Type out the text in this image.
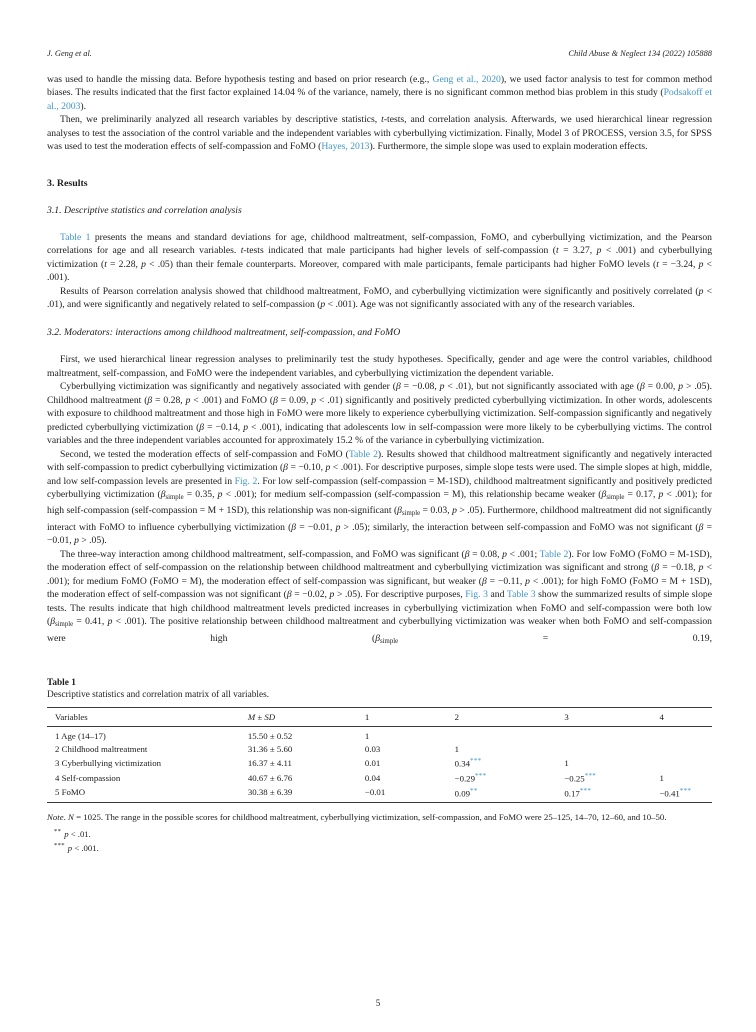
J. Geng et al.	Child Abuse & Neglect 134 (2022) 105888

was used to handle the missing data. Before hypothesis testing and based on prior research (e.g., Geng et al., 2020), we used factor analysis to test for common method biases. The results indicated that the first factor explained 14.04 % of the variance, namely, there is no significant common method bias problem in this study (Podsakoff et al., 2003).

Then, we preliminarily analyzed all research variables by descriptive statistics, t-tests, and correlation analysis. Afterwards, we used hierarchical linear regression analyses to test the association of the control variable and the independent variables with cyberbullying victimization. Finally, Model 3 of PROCESS, version 3.5, for SPSS was used to test the moderation effects of self-compassion and FoMO (Hayes, 2013). Furthermore, the simple slope was used to explain moderation effects.

3. Results
3.1. Descriptive statistics and correlation analysis

Table 1 presents the means and standard deviations for age, childhood maltreatment, self-compassion, FoMO, and cyberbullying victimization, and the Pearson correlations for age and all research variables. t-tests indicated that male participants had higher levels of self-compassion (t = 3.27, p < .001) and cyberbullying victimization (t = 2.28, p < .05) than their female counterparts. Moreover, compared with male participants, female participants had higher FoMO levels (t = −3.24, p < .001).

Results of Pearson correlation analysis showed that childhood maltreatment, FoMO, and cyberbullying victimization were significantly and positively correlated (p < .01), and were significantly and negatively related to self-compassion (p < .001). Age was not significantly associated with any of the research variables.

3.2. Moderators: interactions among childhood maltreatment, self-compassion, and FoMO

First, we used hierarchical linear regression analyses to preliminarily test the study hypotheses. Specifically, gender and age were the control variables, childhood maltreatment, self-compassion, and FoMO were the independent variables, and cyberbullying victimization the dependent variable.

Cyberbullying victimization was significantly and negatively associated with gender (β = −0.08, p < .01), but not significantly associated with age (β = 0.00, p > .05). Childhood maltreatment (β = 0.28, p < .001) and FoMO (β = 0.09, p < .01) significantly and positively predicted cyberbullying victimization. In other words, adolescents with exposure to childhood maltreatment and those high in FoMO were more likely to experience cyberbullying victimization. Self-compassion significantly and negatively predicted cyberbullying victimization (β = −0.14, p < .001), indicating that adolescents low in self-compassion were more likely to be cyberbullying victims. The control variables and the three independent variables accounted for approximately 15.2 % of the variance in cyberbullying victimization.

Second, we tested the moderation effects of self-compassion and FoMO (Table 2). Results showed that childhood maltreatment significantly and negatively interacted with self-compassion to predict cyberbullying victimization (β = −0.10, p < .001). For descriptive purposes, simple slope tests were used. The simple slopes at high, middle, and low self-compassion levels are presented in Fig. 2. For low self-compassion (self-compassion = M-1SD), childhood maltreatment significantly and positively predicted cyberbullying victimization ($\beta_{simple} = 0.35$, p < .001); for medium self-compassion (self-compassion = M), this relationship became weaker ($\beta_{simple} = 0.17$, p < .001); for high self-compassion (self-compassion = M + 1SD), this relationship was non-significant ($\beta_{simple} = 0.03$, p > .05). Furthermore, childhood maltreatment did not significantly interact with FoMO to influence cyberbullying victimization (β = −0.01, p > .05); similarly, the interaction between self-compassion and FoMO was not significant (β = −0.01, p > .05).

The three-way interaction among childhood maltreatment, self-compassion, and FoMO was significant (β = 0.08, p < .001; Table 2). For low FoMO (FoMO = M-1SD), the moderation effect of self-compassion on the relationship between childhood maltreatment and cyberbullying victimization was significant and strong (β = −0.18, p < .001); for medium FoMO (FoMO = M), the moderation effect of self-compassion was significant, but weaker (β = −0.11, p < .001); for high FoMO (FoMO = M + 1SD), the moderation effect of self-compassion was not significant (β = −0.02, p > .05). For descriptive purposes, Fig. 3 and Table 3 show the summarized results of simple slope tests. The results indicate that high childhood maltreatment levels predicted increases in cyberbullying victimization when FoMO and self-compassion were both low ($\beta_{simple} = 0.41$, p < .001). The positive relationship between childhood maltreatment and cyberbullying victimization was weaker when both FoMO and self-compassion were high ($\beta_{simple} = 0.19$,

Table 1
Descriptive statistics and correlation matrix of all variables.
Variables	M ± SD	1	2	3	4
1 Age (14–17)	15.50 ± 0.52	1			
2 Childhood maltreatment	31.36 ± 5.60	0.03	1		
3 Cyberbullying victimization	16.37 ± 4.11	0.01	0.34***	1	
4 Self-compassion	40.67 ± 6.76	0.04	−0.29***	−0.25***	1
5 FoMO	30.38 ± 6.39	−0.01	0.09**	0.17***	−0.41***
Note. N = 1025. The range in the possible scores for childhood maltreatment, cyberbullying victimization, self-compassion, and FoMO were 25–125, 14–70, 12–60, and 10–50.
** p < .01.
*** p < .001.
5
